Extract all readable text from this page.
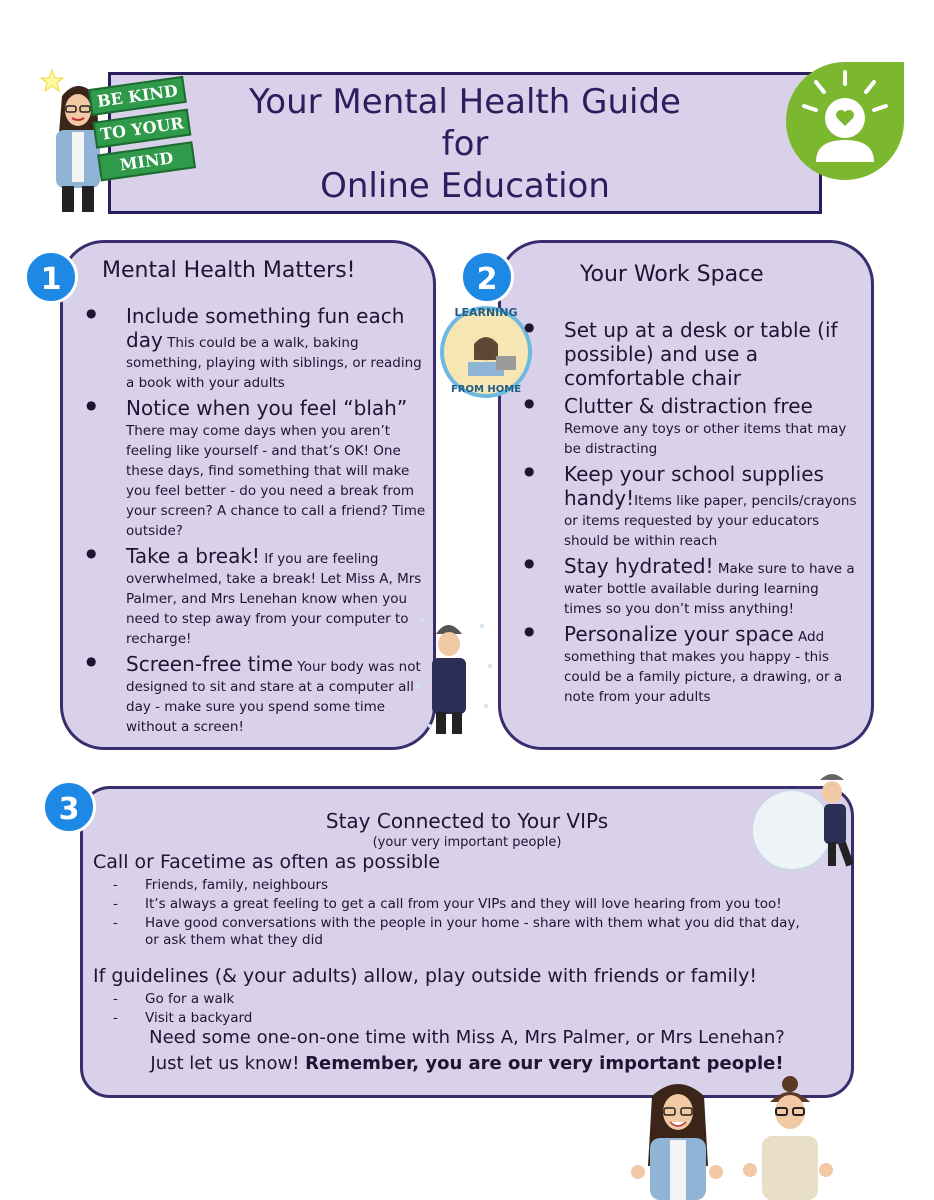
Your Mental Health Guide
for
Online Education
BE KIND
TO YOUR
MIND
1	Mental Health Matters!
● Include something fun each day This could be a walk, baking something, playing with siblings, or reading a book with your adults
● Notice when you feel “blah”
There may come days when you aren’t feeling like yourself - and that’s OK! One these days, find something that will make you feel better - do you need a break from your screen? A chance to call a friend? Time outside?
● Take a break! If you are feeling overwhelmed, take a break! Let Miss A, Mrs Palmer, and Mrs Lenehan know when you need to step away from your computer to recharge!
● Screen-free time Your body was not designed to sit and stare at a computer all day - make sure you spend some time without a screen!
2	Your Work Space
LEARNING
FROM HOME
● Set up at a desk or table (if possible) and use a comfortable chair
● Clutter & distraction free
Remove any toys or other items that may be distracting
● Keep your school supplies handy!Items like paper, pencils/crayons or items requested by your educators should be within reach
● Stay hydrated! Make sure to have a water bottle available during learning times so you don’t miss anything!
● Personalize your space Add something that makes you happy - this could be a family picture, a drawing, or a note from your adults
Stay Connected to Your VIPs
(your very important people)
Call or Facetime as often as possible
- Friends, family, neighbours
- It’s always a great feeling to get a call from your VIPs and they will love hearing from you too!
- Have good conversations with the people in your home - share with them what you did that day, or ask them what they did
If guidelines (& your adults) allow, play outside with friends or family!
- Go for a walk
- Visit a backyard
Need some one-on-one time with Miss A, Mrs Palmer, or Mrs Lenehan?
Just let us know! Remember, you are our very important people!
3
